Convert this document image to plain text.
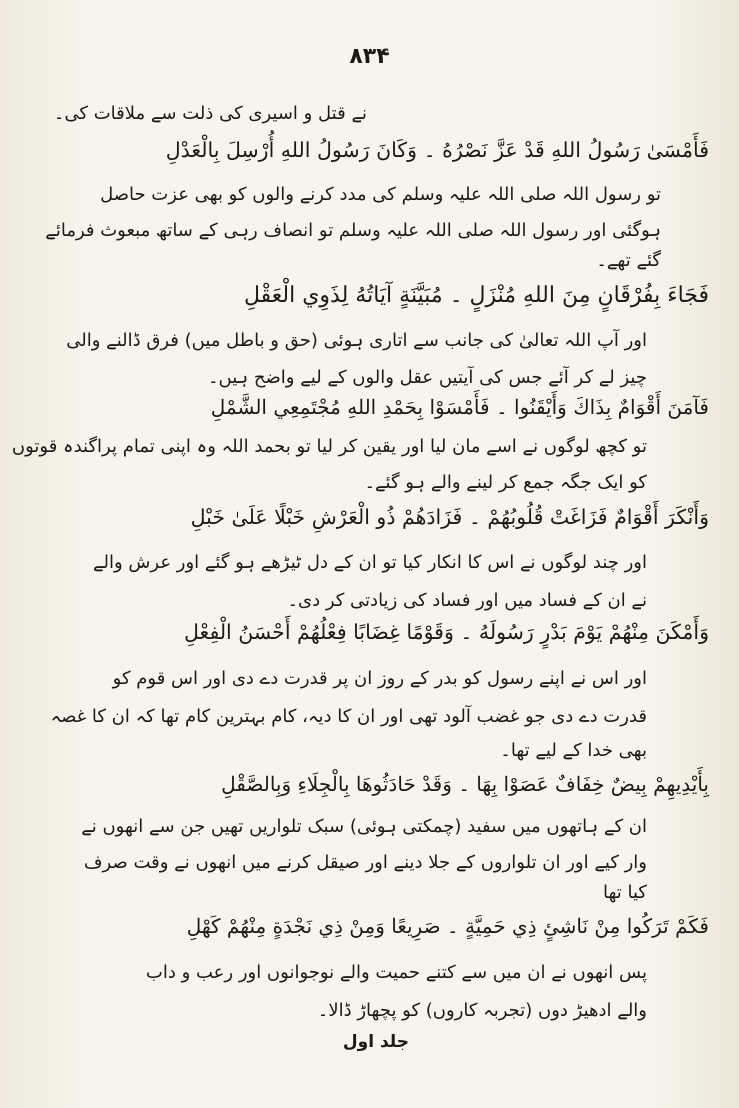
۸۳۴
نے قتل و اسیری کی ذلت سے ملاقات کی۔
فَأَمْسَىٰ رَسُولُ اللهِ قَدْ عَزَّ نَصْرُهُ ۔ وَكَانَ رَسُولُ اللهِ أُرْسِلَ بِالْعَدْلِ
تو رسول اللہ صلی اللہ علیہ وسلم کی مدد کرنے والوں کو بھی عزت حاصل
ہوگئی اور رسول اللہ صلی اللہ علیہ وسلم تو انصاف رہی کے ساتھ مبعوث فرمائے
گئے تھے۔
فَجَاءَ بِفُرْقَانٍ مِنَ اللهِ مُنْزَلٍ ۔ مُبَيَّنَةٍ آيَاتُهُ لِذَوِي الْعَقْلِ
اور آپ اللہ تعالیٰ کی جانب سے اتاری ہوئی (حق و باطل میں) فرق ڈالنے والی
چیز لے کر آئے جس کی آیتیں عقل والوں کے لیے واضح ہیں۔
فَآمَنَ أَقْوَامٌ بِذَاكَ وَأَيْقَنُوا ۔ فَأَمْسَوْا بِحَمْدِ اللهِ مُجْتَمِعِي الشَّمْلِ
تو کچھ لوگوں نے اسے مان لیا اور یقین کر لیا تو بحمد اللہ وہ اپنی تمام پراگندہ قوتوں
کو ایک جگہ جمع کر لینے والے ہو گئے۔
وَأَنْكَرَ أَقْوَامٌ فَزَاغَتْ قُلُوبُهُمْ ۔ فَزَادَهُمْ ذُو الْعَرْشِ خَبْلًا عَلَىٰ خَبْلِ
اور چند لوگوں نے اس کا انکار کیا تو ان کے دل ٹیڑھے ہو گئے اور عرش والے
نے ان کے فساد میں اور فساد کی زیادتی کر دی۔
وَأَمْكَنَ مِنْهُمْ يَوْمَ بَدْرٍ رَسُولَهُ ۔ وَقَوْمًا غِضَابًا فِعْلُهُمْ أَحْسَنُ الْفِعْلِ
اور اس نے اپنے رسول کو بدر کے روز ان پر قدرت دے دی اور اس قوم کو
قدرت دے دی جو غضب آلود تھی اور ان کا دیہ، کام بہترین کام تھا کہ ان کا غصہ
بھی خدا کے لیے تھا۔
بِأَيْدِيهِمْ بِيضٌ خِفَافٌ عَصَوْا بِهَا ۔ وَقَدْ حَادَثُوهَا بِالْجِلَاءِ وَبِالصَّقْلِ
ان کے ہاتھوں میں سفید (چمکتی ہوئی) سبک تلواریں تھیں جن سے انھوں نے
وار کیے اور ان تلواروں کے جلا دینے اور صیقل کرنے میں انھوں نے وقت صرف
کیا تھا
فَكَمْ تَرَكُوا مِنْ نَاشِئٍ ذِي حَمِيَّةٍ ۔ صَرِيعًا وَمِنْ ذِي نَجْدَةٍ مِنْهُمْ كَهْلِ
پس انھوں نے ان میں سے کتنے حمیت والے نوجوانوں اور رعب و داب
والے ادھیڑ دوں (تجربہ کاروں) کو پچھاڑ ڈالا۔
جلد اول
